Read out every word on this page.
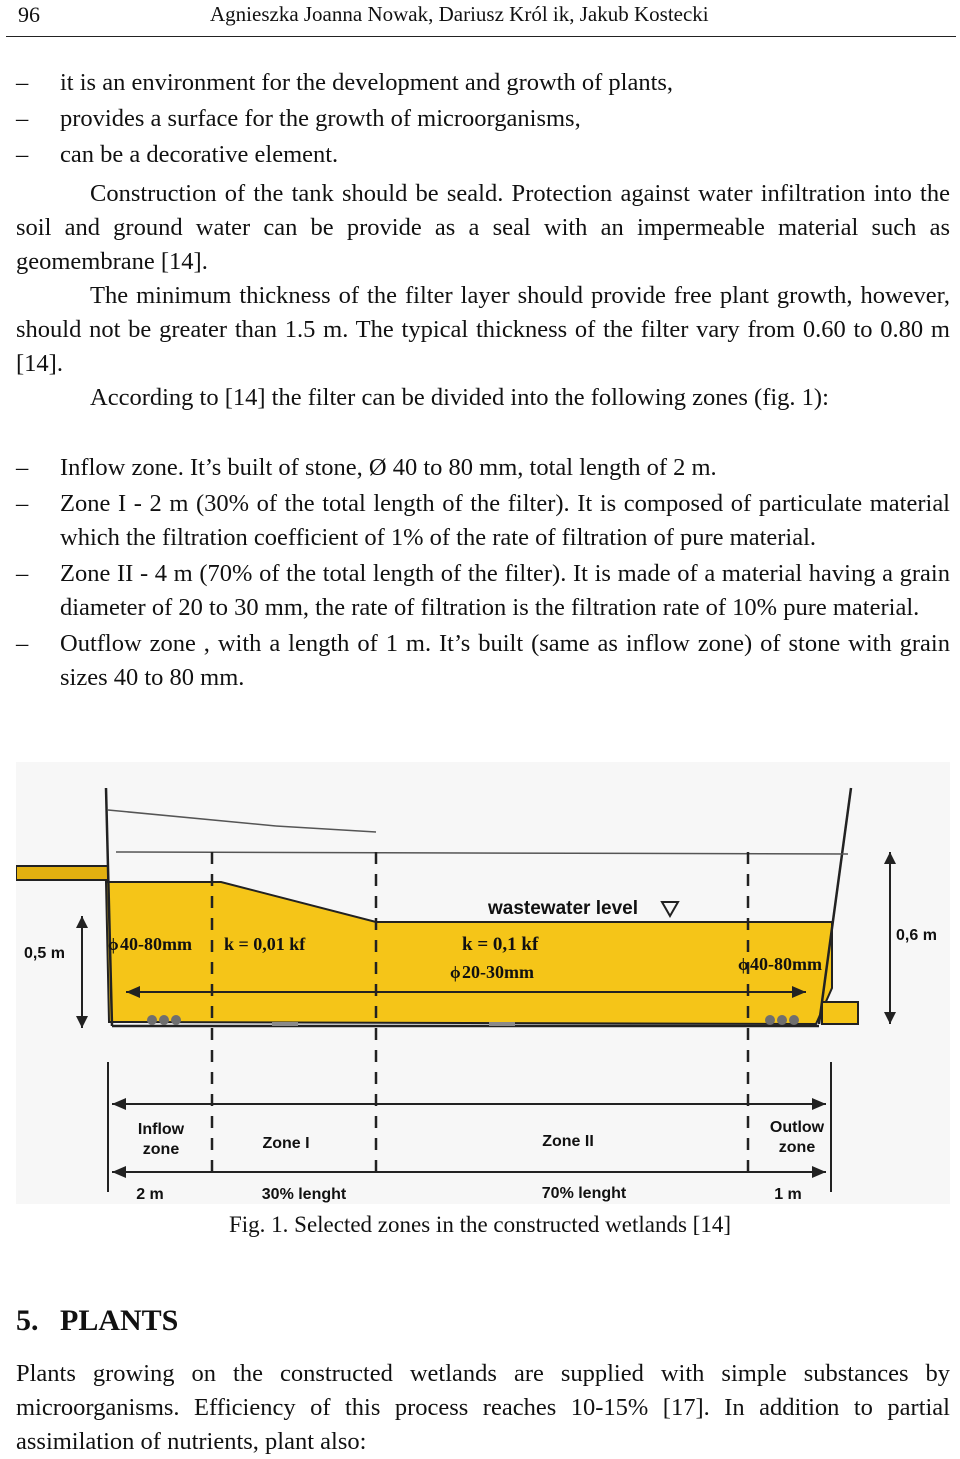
96	Agnieszka Joanna Nowak, Dariusz Król ik, Jakub Kostecki
–	it is an environment for the development and growth of plants,
–	provides a surface for the growth of microorganisms,
–	can be a decorative element.
Construction of the tank should be seald. Protection against water infiltration into the soil and ground water can be provide as a seal with an impermeable material such as geomembrane [14].
The minimum thickness of the filter layer should provide free plant growth, however, should not be greater than 1.5 m. The typical thickness of the filter vary from 0.60 to 0.80 m [14].
According to [14] the filter can be divided into the following zones (fig. 1):
–	Inflow zone. It’s built of stone, Ø 40 to 80 mm, total length of 2 m.
–	Zone I - 2 m (30% of the total length of the filter). It is composed of particulate material which the filtration coefficient of 1% of the rate of filtration of pure material.
–	Zone II - 4 m (70% of the total length of the filter). It is made of a material having a grain diameter of 20 to 30 mm, the rate of filtration is the filtration rate of 10% pure material.
–	Outflow zone , with a length of 1 m. It’s built (same as inflow zone) of stone with grain sizes 40 to 80 mm.
wastewater level
0,5 m
0,6 m
ϕ 40-80mm k = 0,01 kf	k = 0,1 kf
ϕ 20-30mm	ϕ 40-80mm
Inflow
zone	Zone I	Zone II
Outlow
zone
2 m	30% lenght	70% lenght	1 m
Fig. 1. Selected zones in the constructed wetlands [14]
5. PLANTS
Plants growing on the constructed wetlands are supplied with simple substances by microorganisms. Efficiency of this process reaches 10-15% [17]. In addition to partial assimilation of nutrients, plant also:
